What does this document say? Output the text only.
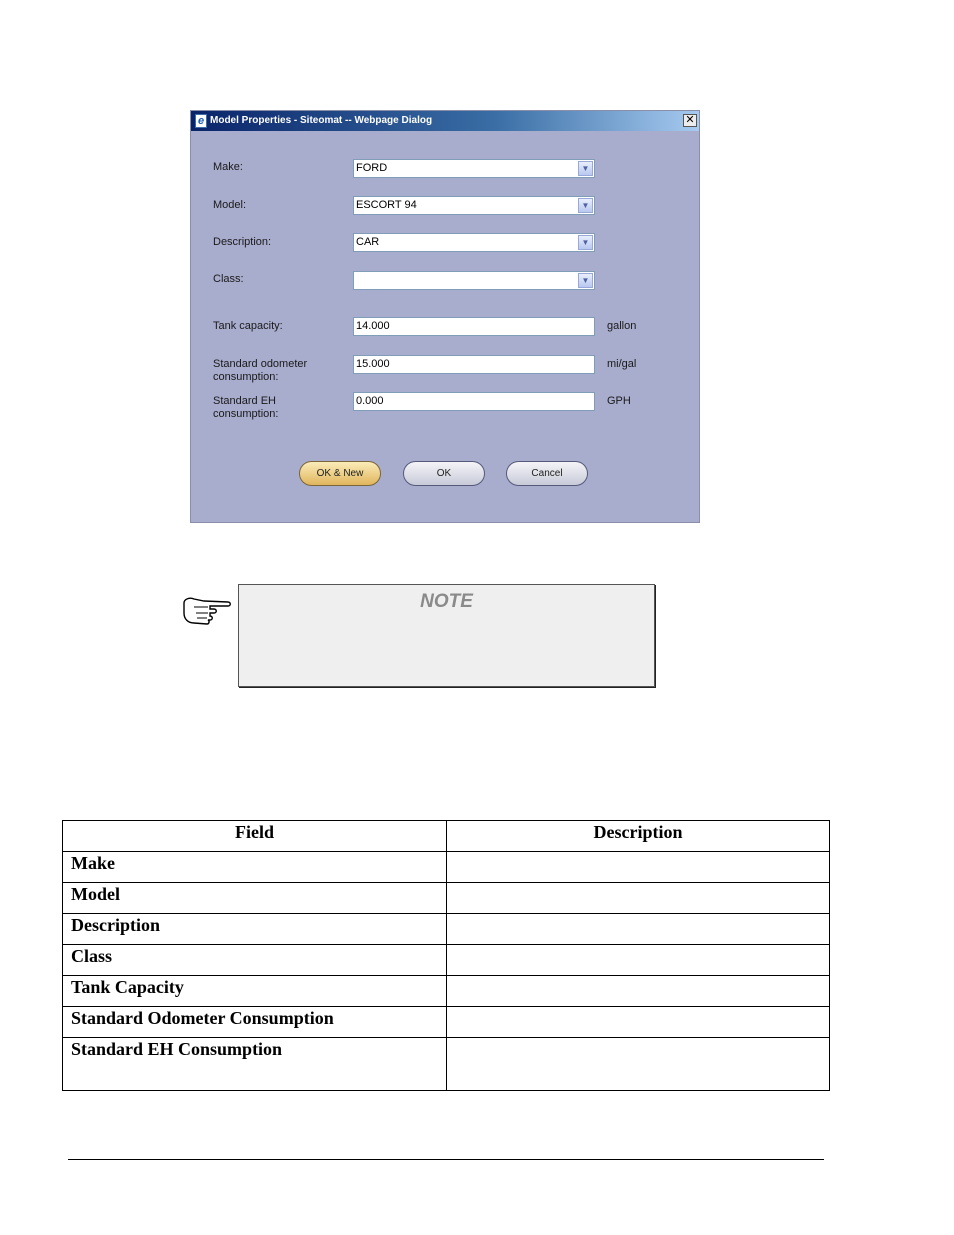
e Model Properties - Siteomat -- Webpage Dialog	✕
Make:	FORD	▼
Model:	ESCORT 94	▼
Description:	CAR	▼
Class:	▼
Tank capacity:	14.000	gallon
Standard odometer
consumption:
15.000	mi/gal
Standard EH
consumption:
0.000	GPH
OK & New	OK	Cancel
NOTE
Field	Description
Make	
Model	
Description	
Class	
Tank Capacity	
Standard Odometer Consumption	
Standard EH Consumption	
